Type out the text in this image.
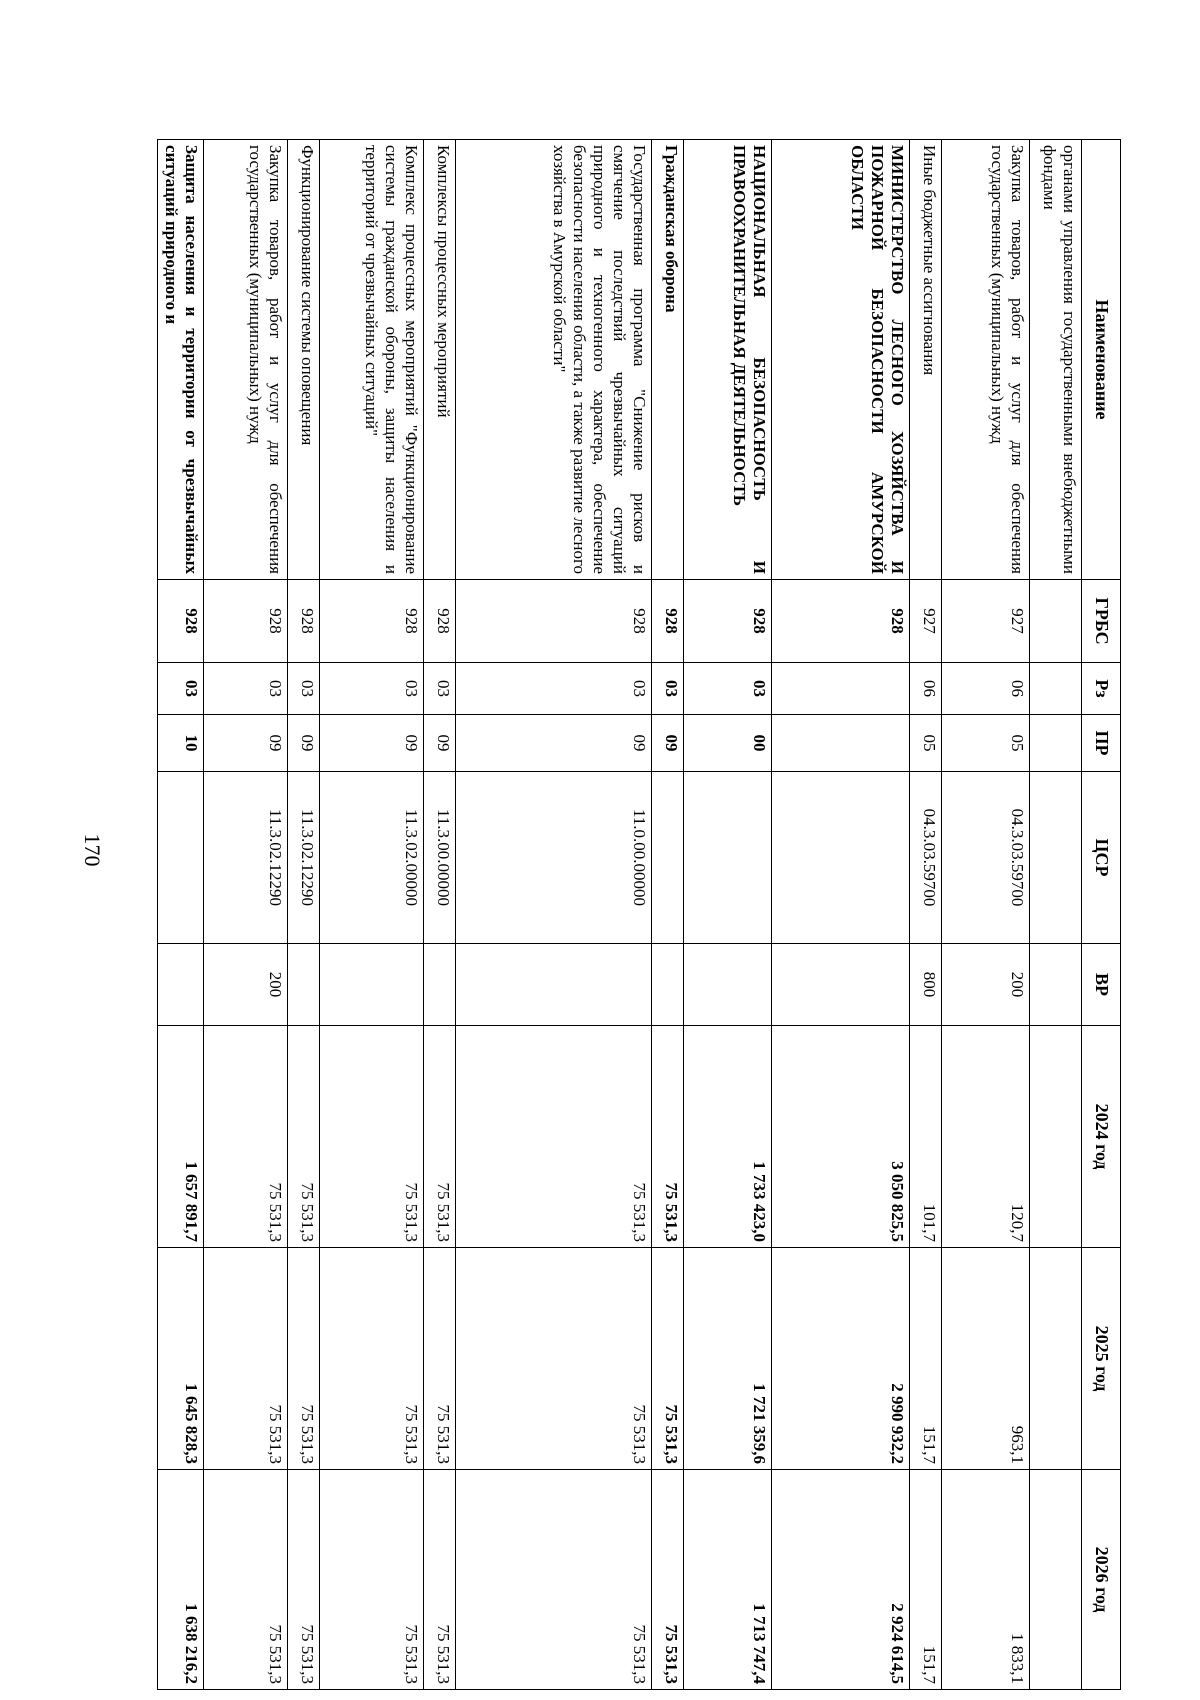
170
Наименование	ГРБС	Рз	ПР	ЦСР	ВР	2024 год	2025 год	2026 год
органами управления государственными внебюджетными фондами								
Закупка товаров, работ и услуг для обеспечения государственных (муниципальных) нужд	927	06	05	04.3.03.59700	200	120,7	963,1	1 833,1
Иные бюджетные ассигнования	927	06	05	04.3.03.59700	800	101,7	151,7	151,7
МИНИСТЕРСТВО ЛЕСНОГО ХОЗЯЙСТВА И ПОЖАРНОЙ БЕЗОПАСНОСТИ АМУРСКОЙ ОБЛАСТИ	928					3 050 825,5	2 990 932,2	2 924 614,5
НАЦИОНАЛЬНАЯ БЕЗОПАСНОСТЬ И ПРАВООХРАНИТЕЛЬНАЯ ДЕЯТЕЛЬНОСТЬ	928	03	00			1 733 423,0	1 721 359,6	1 713 747,4
Гражданская оборона	928	03	09			75 531,3	75 531,3	75 531,3
Государственная программа "Снижение рисков и смягчение последствий чрезвычайных ситуаций природного и техногенного характера, обеспечение безопасности населения области, а также развитие лесного хозяйства в Амурской области"	928	03	09	11.0.00.00000		75 531,3	75 531,3	75 531,3
Комплексы процессных мероприятий	928	03	09	11.3.00.00000		75 531,3	75 531,3	75 531,3
Комплекс процессных мероприятий "Функционирование системы гражданской обороны, защиты населения и территорий от чрезвычайных ситуаций"	928	03	09	11.3.02.00000		75 531,3	75 531,3	75 531,3
Функционирование системы оповещения	928	03	09	11.3.02.12290		75 531,3	75 531,3	75 531,3
Закупка товаров, работ и услуг для обеспечения государственных (муниципальных) нужд	928	03	09	11.3.02.12290	200	75 531,3	75 531,3	75 531,3
Защита населения и территории от чрезвычайных ситуаций природного и	928	03	10			1 657 891,7	1 645 828,3	1 638 216,2
